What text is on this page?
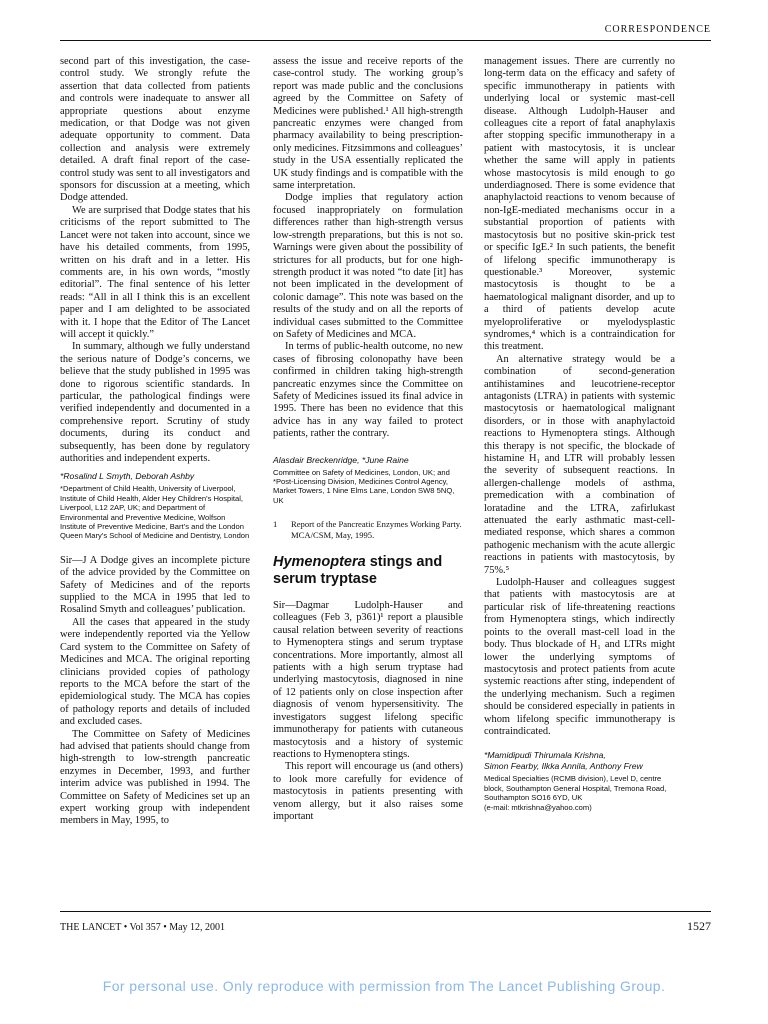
CORRESPONDENCE

second part of this investigation, the case-control study. We strongly refute the assertion that data collected from patients and controls were inadequate to answer all appropriate questions about enzyme medication, or that Dodge was not given adequate opportunity to comment. Data collection and analysis were extremely detailed. A draft final report of the case-control study was sent to all investigators and sponsors for discussion at a meeting, which Dodge attended.

We are surprised that Dodge states that his criticisms of the report submitted to The Lancet were not taken into account, since we have his detailed comments, from 1995, written on his draft and in a letter. His comments are, in his own words, “mostly editorial”. The final sentence of his letter reads: “All in all I think this is an excellent paper and I am delighted to be associated with it. I hope that the Editor of The Lancet will accept it quickly.”

In summary, although we fully understand the serious nature of Dodge’s concerns, we believe that the study published in 1995 was done to rigorous scientific standards. In particular, the pathological findings were verified independently and documented in a comprehensive report. Scrutiny of study documents, during its conduct and subsequently, has been done by regulatory authorities and independent experts.

*Rosalind L Smyth, Deborah Ashby
*Department of Child Health, University of Liverpool, Institute of Child Health, Alder Hey Children’s Hospital, Liverpool, L12 2AP, UK; and Department of Environmental and Preventive Medicine, Wolfson Institute of Preventive Medicine, Bart’s and the London Queen Mary’s School of Medicine and Dentistry, London

Sir—J A Dodge gives an incomplete picture of the advice provided by the Committee on Safety of Medicines and of the reports supplied to the MCA in 1995 that led to Rosalind Smyth and colleagues’ publication.

All the cases that appeared in the study were independently reported via the Yellow Card system to the Committee on Safety of Medicines and MCA. The original reporting clinicians provided copies of pathology reports to the MCA before the start of the epidemiological study. The MCA has copies of pathology reports and details of included and excluded cases.

The Committee on Safety of Medicines had advised that patients should change from high-strength to low-strength pancreatic enzymes in December, 1993, and further interim advice was published in 1994. The Committee on Safety of Medicines set up an expert working group with independent members in May, 1995, to

assess the issue and receive reports of the case-control study. The working group’s report was made public and the conclusions agreed by the Committee on Safety of Medicines were published.¹ All high-strength pancreatic enzymes were changed from pharmacy availability to being prescription-only medicines. Fitzsimmons and colleagues’ study in the USA essentially replicated the UK study findings and is compatible with the same interpretation.

Dodge implies that regulatory action focused inappropriately on formulation differences rather than high-strength versus low-strength preparations, but this is not so. Warnings were given about the possibility of strictures for all products, but for one high-strength product it was noted “to date [it] has not been implicated in the development of colonic damage”. This note was based on the results of the study and on all the reports of individual cases submitted to the Committee on Safety of Medicines and MCA.

In terms of public-health outcome, no new cases of fibrosing colonopathy have been confirmed in children taking high-strength pancreatic enzymes since the Committee on Safety of Medicines issued its final advice in 1995. There has been no evidence that this advice has in any way failed to protect patients, rather the contrary.

Alasdair Breckenridge, *June Raine
Committee on Safety of Medicines, London, UK; and *Post-Licensing Division, Medicines Control Agency, Market Towers, 1 Nine Elms Lane, London SW8 5NQ, UK
1	Report of the Pancreatic Enzymes Working Party. MCA/CSM, May, 1995.
Hymenoptera stings and serum tryptase

Sir—Dagmar Ludolph-Hauser and colleagues (Feb 3, p361)¹ report a plausible causal relation between severity of reactions to Hymenoptera stings and serum tryptase concentrations. More importantly, almost all patients with a high serum tryptase had underlying mastocytosis, diagnosed in nine of 12 patients only on close inspection after diagnosis of venom hypersensitivity. The investigators suggest lifelong specific immunotherapy for patients with cutaneous mastocytosis and a history of systemic reactions to Hymenoptera stings.

This report will encourage us (and others) to look more carefully for evidence of mastocytosis in patients presenting with venom allergy, but it also raises some important

management issues. There are currently no long-term data on the efficacy and safety of specific immunotherapy in patients with underlying local or systemic mast-cell disease. Although Ludolph-Hauser and colleagues cite a report of fatal anaphylaxis after stopping specific immunotherapy in a patient with mastocytosis, it is unclear whether the same will apply in patients whose mastocytosis is mild enough to go underdiagnosed. There is some evidence that anaphylactoid reactions to venom because of non-IgE-mediated mechanisms occur in a substantial proportion of patients with mastocytosis but no positive skin-prick test or specific IgE.² In such patients, the benefit of lifelong specific immunotherapy is questionable.³ Moreover, systemic mastocytosis is thought to be a haematological malignant disorder, and up to a third of patients develop acute myeloproliferative or myelodysplastic syndromes,⁴ which is a contraindication for this treatment.

An alternative strategy would be a combination of second-generation antihistamines and leucotriene-receptor antagonists (LTRA) in patients with systemic mastocytosis or haematological malignant disorders, or in those with anaphylactoid reactions to Hymenoptera stings. Although this therapy is not specific, the blockade of histamine H₁ and LTR will probably lessen the severity of subsequent reactions. In allergen-challenge models of asthma, premedication with a combination of loratadine and the LTRA, zafirlukast attenuated the early asthmatic mast-cell-mediated response, which shares a common pathogenic mechanism with the acute allergic reactions in patients with mastocytosis, by 75%.⁵

Ludolph-Hauser and colleagues suggest that patients with mastocytosis are at particular risk of life-threatening reactions from Hymenoptera stings, which indirectly points to the overall mast-cell load in the body. Thus blockade of H₁ and LTRs might lower the underlying symptoms of mastocytosis and protect patients from acute systemic reactions after sting, independent of the underlying mechanism. Such a regimen should be considered especially in patients in whom lifelong specific immunotherapy is contraindicated.

*Mamidipudi Thirumala Krishna,
Simon Fearby, Ilkka Annila, Anthony Frew
Medical Specialties (RCMB division), Level D, centre block, Southampton General Hospital, Tremona Road, Southampton SO16 6YD, UK
(e-mail: mtkrishna@yahoo.com)
THE LANCET • Vol 357 • May 12, 2001	1527
For personal use. Only reproduce with permission from The Lancet Publishing Group.
